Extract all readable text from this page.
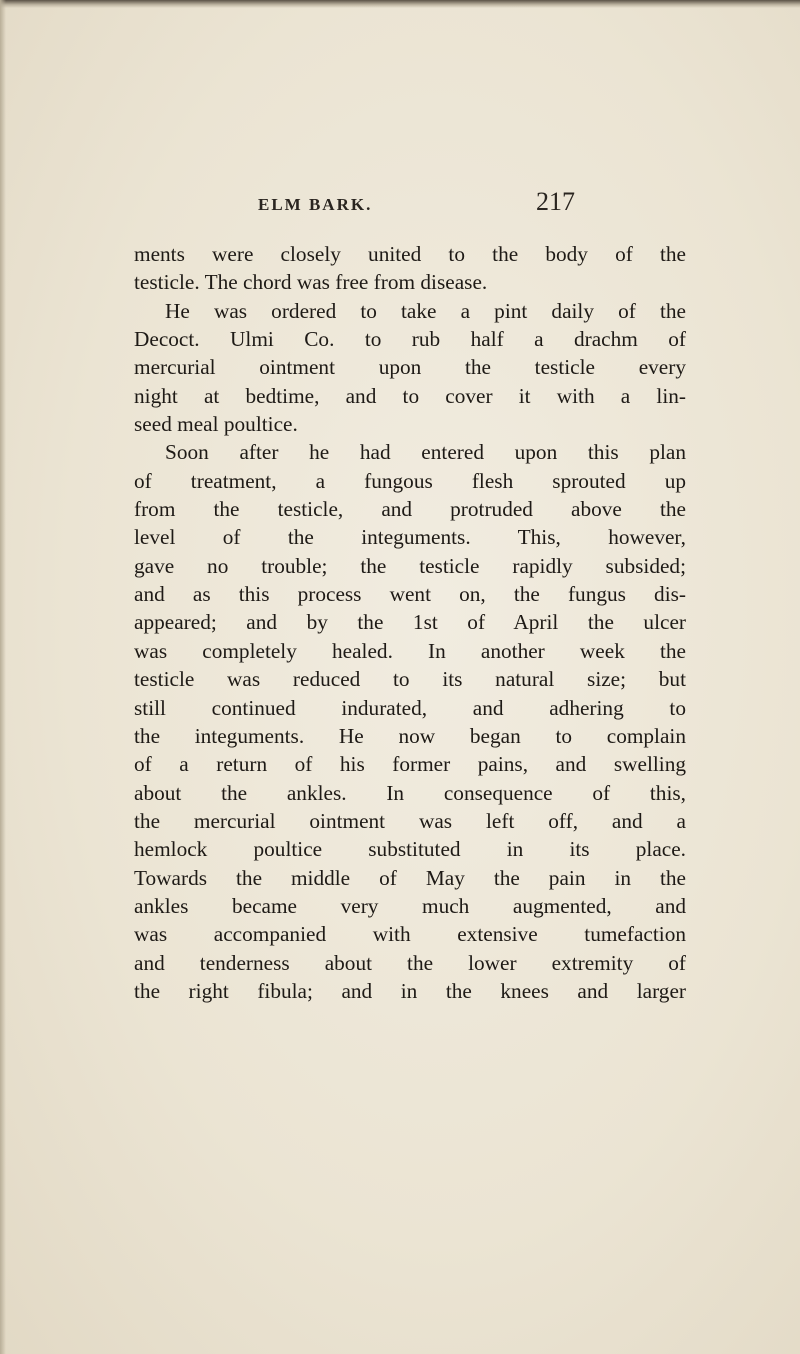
ELM BARK.	217
ments were closely united to the body of the
testicle. The chord was free from disease.
He was ordered to take a pint daily of the
Decoct. Ulmi Co. to rub half a drachm of
mercurial ointment upon the testicle every
night at bedtime, and to cover it with a lin-
seed meal poultice.
Soon after he had entered upon this plan
of treatment, a fungous flesh sprouted up
from the testicle, and protruded above the
level of the integuments. This, however,
gave no trouble; the testicle rapidly subsided;
and as this process went on, the fungus dis-
appeared; and by the 1st of April the ulcer
was completely healed. In another week the
testicle was reduced to its natural size; but
still continued indurated, and adhering to
the integuments. He now began to complain
of a return of his former pains, and swelling
about the ankles. In consequence of this,
the mercurial ointment was left off, and a
hemlock poultice substituted in its place.
Towards the middle of May the pain in the
ankles became very much augmented, and
was accompanied with extensive tumefaction
and tenderness about the lower extremity of
the right fibula; and in the knees and larger
